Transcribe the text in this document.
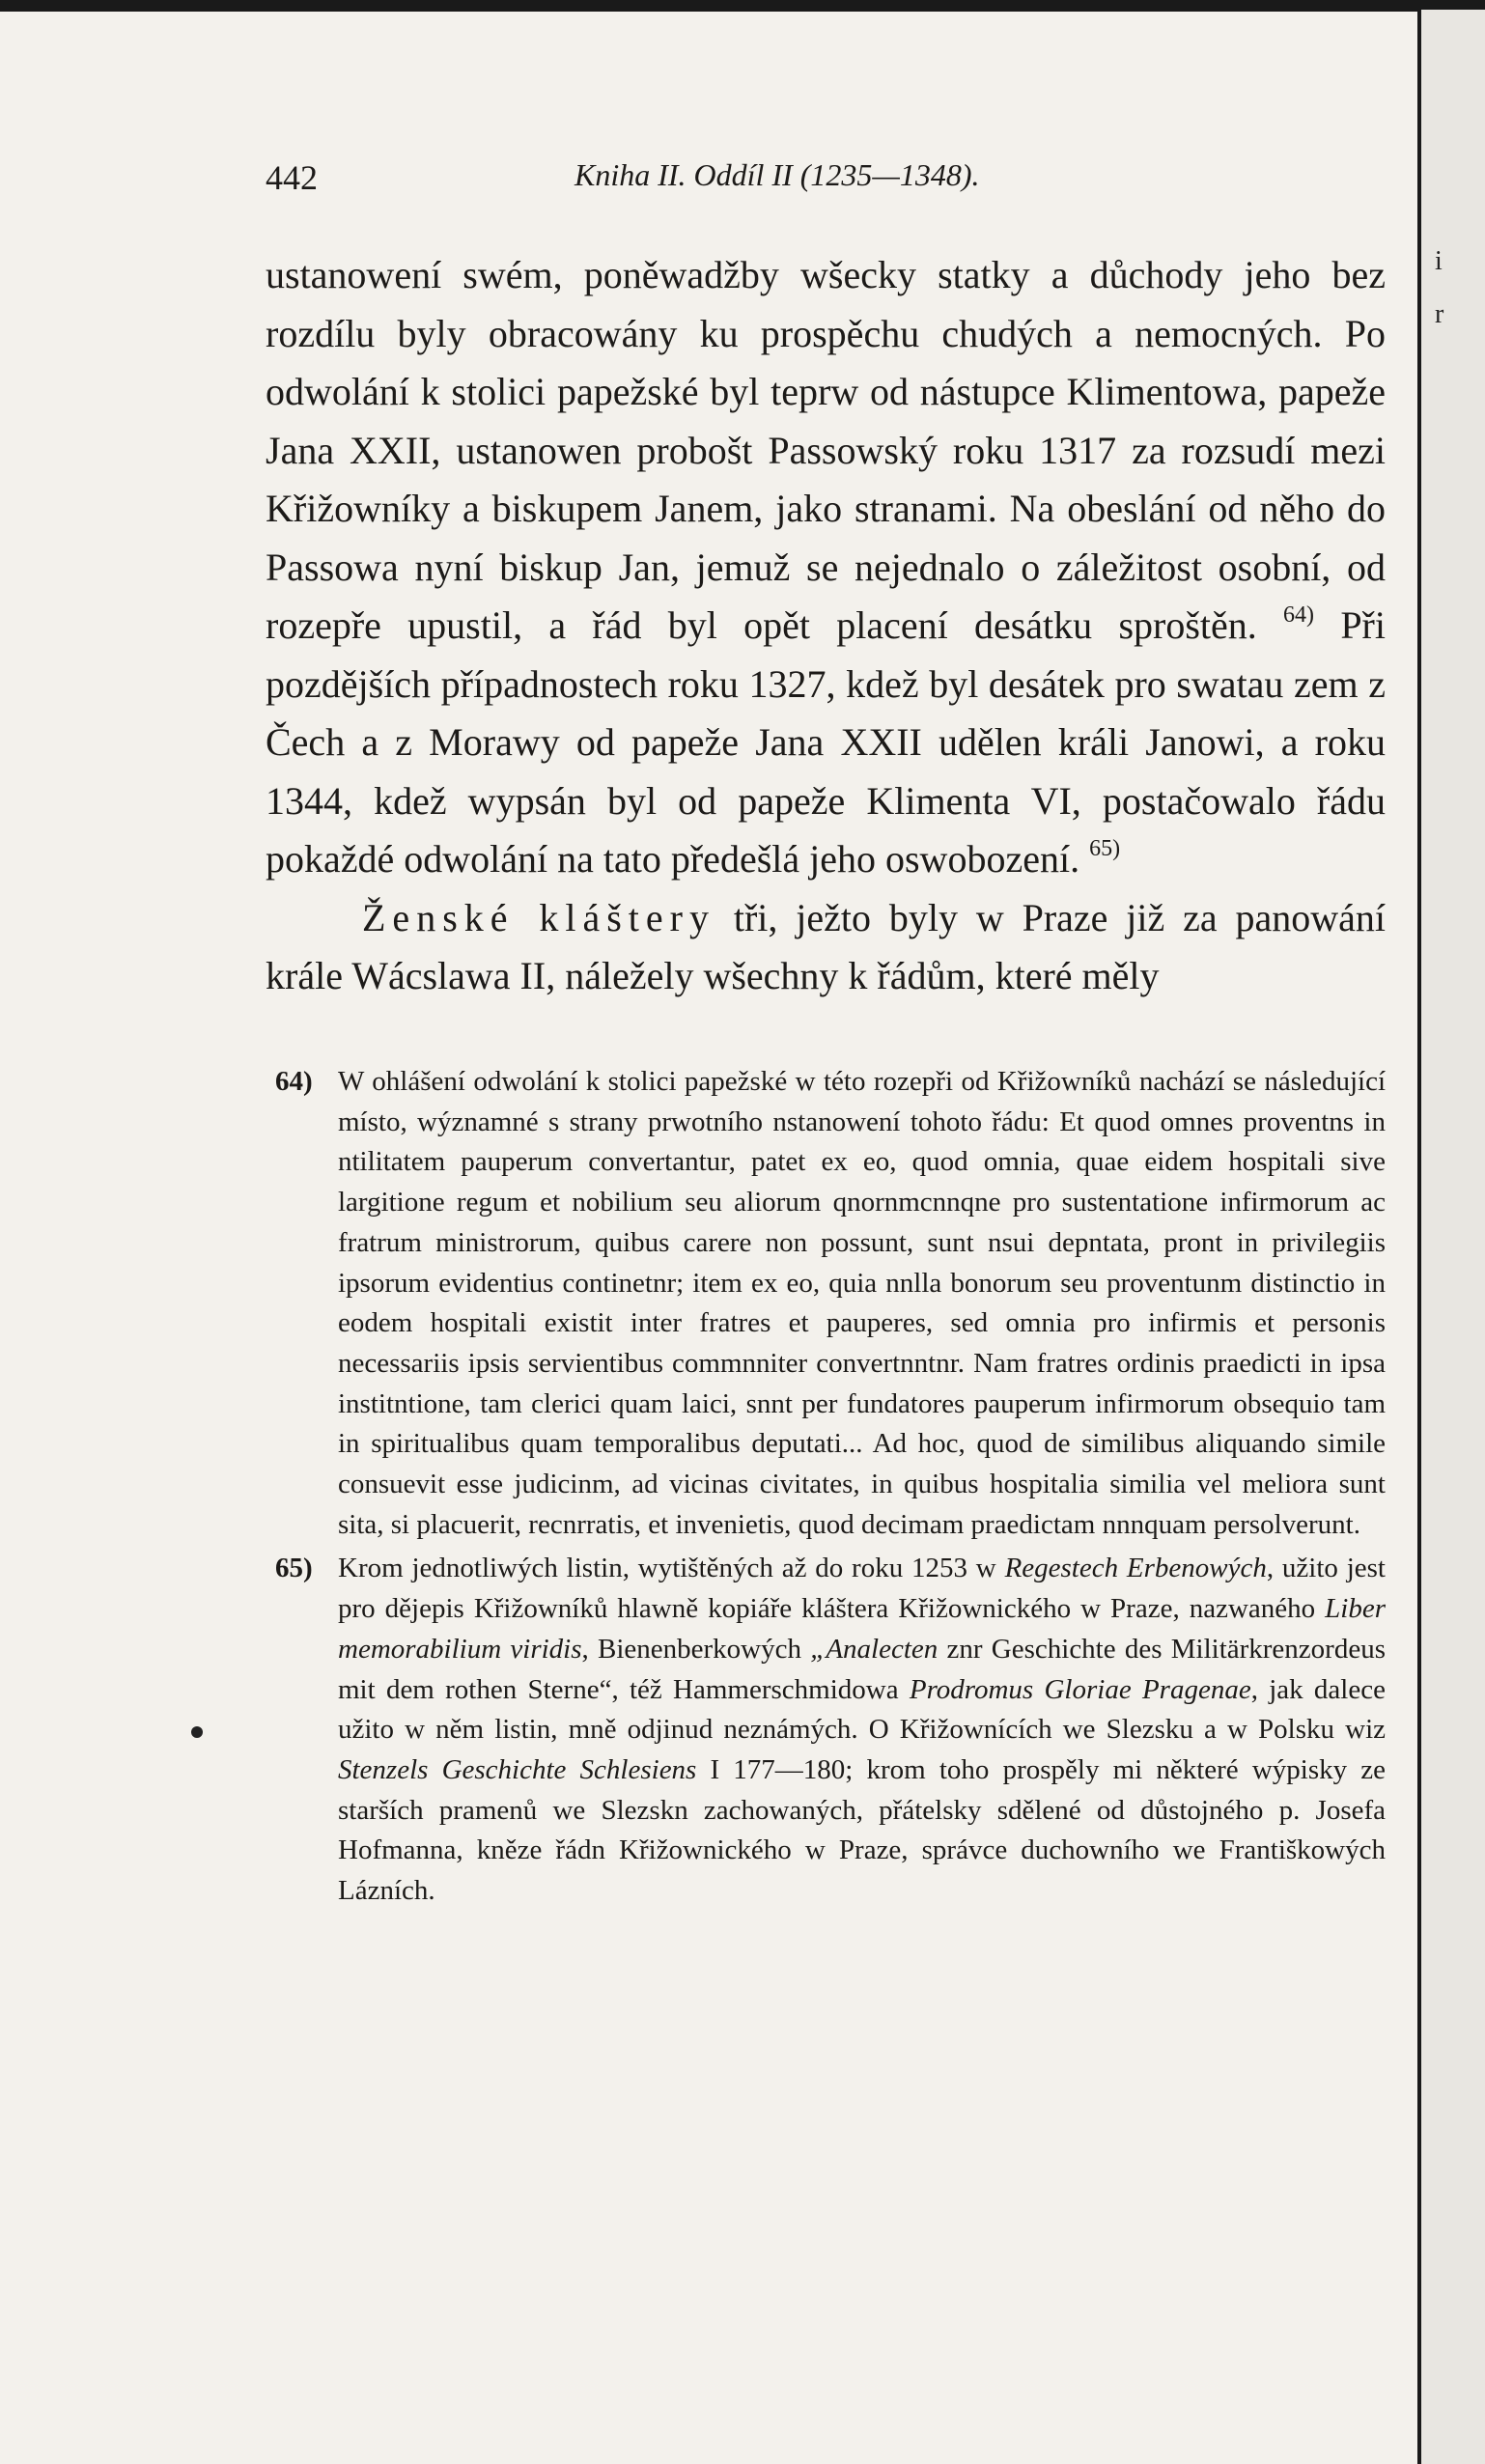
i
r
442	Kniha II. Oddíl II (1235—1348).

ustanowení swém, poněwadžby wšecky statky a důchody jeho bez rozdílu byly obracowány ku prospěchu chudých a nemocných. Po odwolání k stolici papežské byl teprw od nástupce Klimentowa, papeže Jana XXII, ustanowen probošt Passowský roku 1317 za rozsudí mezi Křižowníky a biskupem Janem, jako stranami. Na obeslání od něho do Passowa nyní biskup Jan, jemuž se nejednalo o záležitost osobní, od rozepře upustil, a řád byl opět placení desátku sproštěn. $^{64)}$ Při pozdějších případnostech roku 1327, kdež byl desátek pro swatau zem z Čech a z Morawy od papeže Jana XXII udělen králi Janowi, a roku 1344, kdež wypsán byl od papeže Klimenta VI, postačowalo řádu pokaždé odwolání na tato předešlá jeho oswobození. $^{65)}$

Ženské kláštery tři, ježto byly w Praze již za panowání krále Wácslawa II, náležely wšechny k řádům, které měly

64) W ohlášení odwolání k stolici papežské w této rozepři od Křižowníků nachází se následující místo, wýznamné s strany prwotního nstanowení tohoto řádu: Et quod omnes proventns in ntilitatem pauperum convertantur, patet ex eo, quod omnia, quae eidem hospitali sive largitione regum et nobilium seu aliorum qnornmcnnqne pro sustentatione infirmorum ac fratrum ministrorum, quibus carere non possunt, sunt nsui depntata, pront in privilegiis ipsorum evidentius continetnr; item ex eo, quia nnlla bonorum seu proventunm distinctio in eodem hospitali existit inter fratres et pauperes, sed omnia pro infirmis et personis necessariis ipsis servientibus commnniter convertnntnr. Nam fratres ordinis praedicti in ipsa institntione, tam clerici quam laici, snnt per fundatores pauperum infirmorum obsequio tam in spiritualibus quam temporalibus deputati... Ad hoc, quod de similibus aliquando simile consuevit esse judicinm, ad vicinas civitates, in quibus hospitalia similia vel meliora sunt sita, si placuerit, recnrratis, et invenietis, quod decimam praedictam nnnquam persolverunt.

65) Krom jednotliwých listin, wytištěných až do roku 1253 w Regestech Erbenowých, užito jest pro dějepis Křižowníků hlawně kopiáře kláštera Křižownického w Praze, nazwaného Liber memorabilium viridis, Bienenberkowých „Analecten znr Geschichte des Militärkrenzordeus mit dem rothen Sterne“, též Hammerschmidowa Prodromus Gloriae Pragenae, jak dalece užito w něm listin, mně odjinud neznámých. O Křižownících we Slezsku a w Polsku wiz Stenzels Geschichte Schlesiens I 177—180; krom toho prospěly mi některé wýpisky ze starších pramenů we Slezskn zachowaných, přátelsky sdělené od důstojného p. Josefa Hofmanna, kněze řádn Křižownického w Praze, správce duchowního we Františkowých Lázních.
